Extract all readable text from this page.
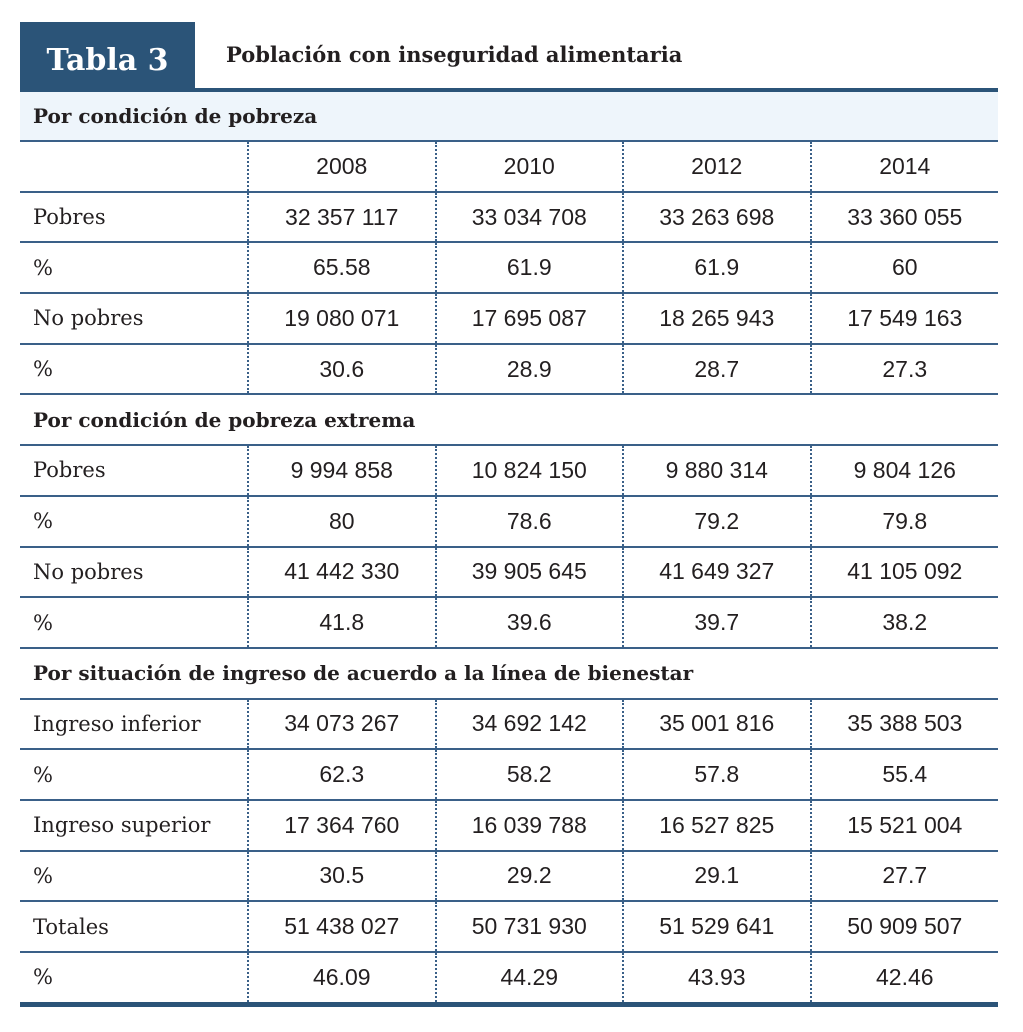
Tabla 3	Población con inseguridad alimentaria
Por condición de pobreza				
	2008	2010	2012	2014
Pobres	32 357 117	33 034 708	33 263 698	33 360 055
%	65.58	61.9	61.9	60
No pobres	19 080 071	17 695 087	18 265 943	17 549 163
%	30.6	28.9	28.7	27.3
Por condición de pobreza extrema				
Pobres	9 994 858	10 824 150	9 880 314	9 804 126
%	80	78.6	79.2	79.8
No pobres	41 442 330	39 905 645	41 649 327	41 105 092
%	41.8	39.6	39.7	38.2
Por situación de ingreso de acuerdo a la línea de bienestar				
Ingreso inferior	34 073 267	34 692 142	35 001 816	35 388 503
%	62.3	58.2	57.8	55.4
Ingreso superior	17 364 760	16 039 788	16 527 825	15 521 004
%	30.5	29.2	29.1	27.7
Totales	51 438 027	50 731 930	51 529 641	50 909 507
%	46.09	44.29	43.93	42.46
